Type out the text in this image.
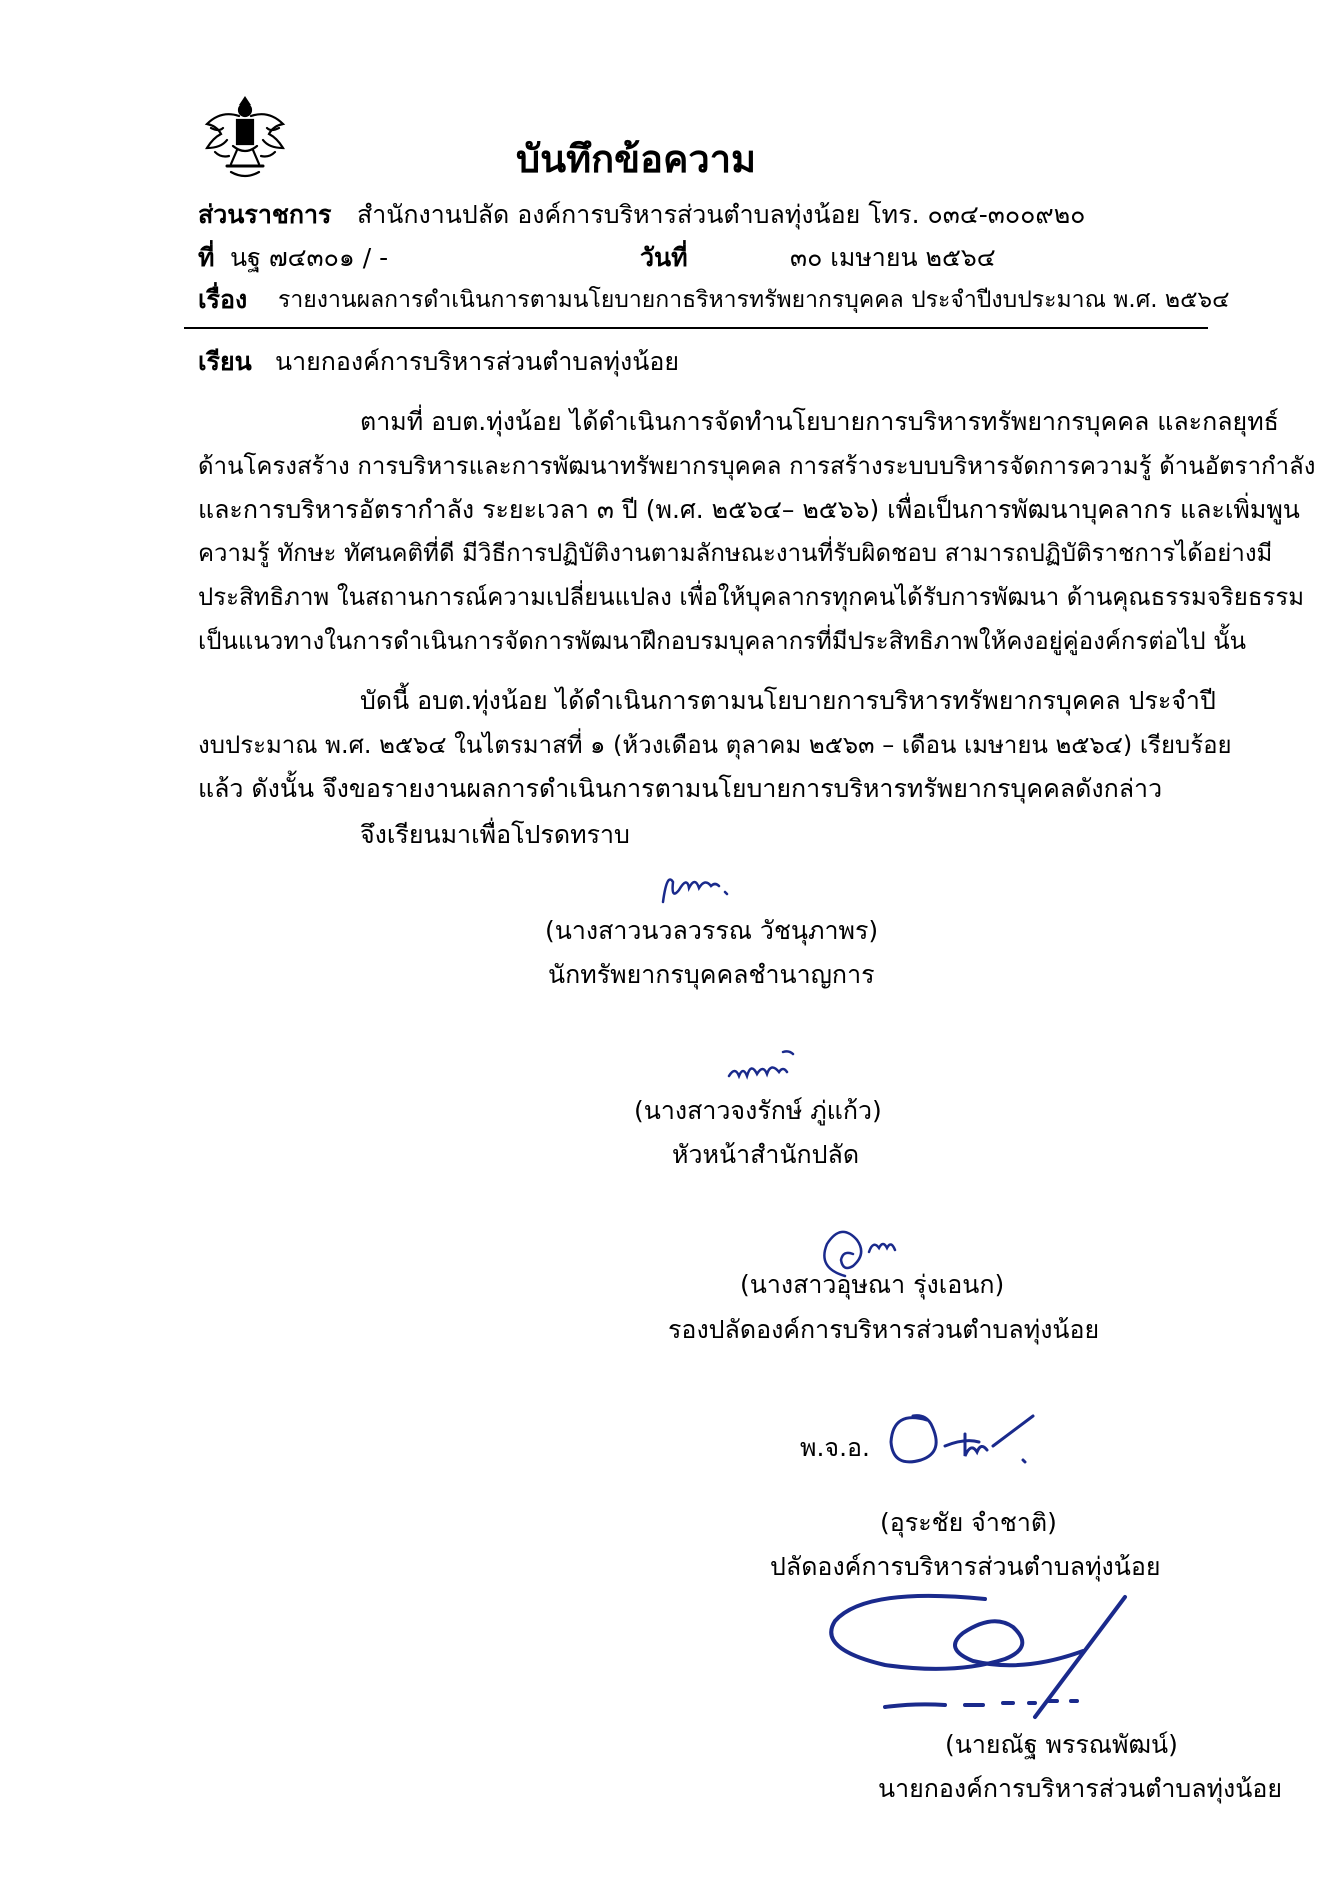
บันทึกข้อความ
ส่วนราชการ สำนักงานปลัด องค์การบริหารส่วนตำบลทุ่งน้อย โทร. ๐๓๔-๓๐๐๙๒๐
ที่ นฐ ๗๔๓๐๑ / -	วันที่	๓๐ เมษายน ๒๕๖๔
เรื่อง รายงานผลการดำเนินการตามนโยบายกาธริหารทรัพยากรบุคคล ประจำปีงบประมาณ พ.ศ. ๒๕๖๔
เรียน นายกองค์การบริหารส่วนตำบลทุ่งน้อย
ตามที่ อบต.ทุ่งน้อย ได้ดำเนินการจัดทำนโยบายการบริหารทรัพยากรบุคคล และกลยุทธ์
ด้านโครงสร้าง การบริหารและการพัฒนาทรัพยากรบุคคล การสร้างระบบบริหารจัดการความรู้ ด้านอัตรากำลัง
และการบริหารอัตรากำลัง ระยะเวลา ๓ ปี (พ.ศ. ๒๕๖๔– ๒๕๖๖) เพื่อเป็นการพัฒนาบุคลากร และเพิ่มพูน
ความรู้ ทักษะ ทัศนคติที่ดี มีวิธีการปฏิบัติงานตามลักษณะงานที่รับผิดชอบ สามารถปฏิบัติราชการได้อย่างมี
ประสิทธิภาพ ในสถานการณ์ความเปลี่ยนแปลง เพื่อให้บุคลากรทุกคนได้รับการพัฒนา ด้านคุณธรรมจริยธรรม
เป็นแนวทางในการดำเนินการจัดการพัฒนาฝึกอบรมบุคลากรที่มีประสิทธิภาพให้คงอยู่คู่องค์กรต่อไป นั้น
บัดนี้ อบต.ทุ่งน้อย ได้ดำเนินการตามนโยบายการบริหารทรัพยากรบุคคล ประจำปี
งบประมาณ พ.ศ. ๒๕๖๔ ในไตรมาสที่ ๑ (ห้วงเดือน ตุลาคม ๒๕๖๓ – เดือน เมษายน ๒๕๖๔) เรียบร้อย
แล้ว ดังนั้น จึงขอรายงานผลการดำเนินการตามนโยบายการบริหารทรัพยากรบุคคลดังกล่าว
จึงเรียนมาเพื่อโปรดทราบ
(นางสาวนวลวรรณ วัชนุภาพร)
นักทรัพยากรบุคคลชำนาญการ
(นางสาวจงรักษ์ ภู่แก้ว)
หัวหน้าสำนักปลัด
(นางสาวอุษณา รุ่งเอนก)
รองปลัดองค์การบริหารส่วนตำบลทุ่งน้อย
พ.จ.อ.
(อุระชัย จำชาติ)
ปลัดองค์การบริหารส่วนตำบลทุ่งน้อย
(นายณัฐ พรรณพัฒน์)
นายกองค์การบริหารส่วนตำบลทุ่งน้อย
